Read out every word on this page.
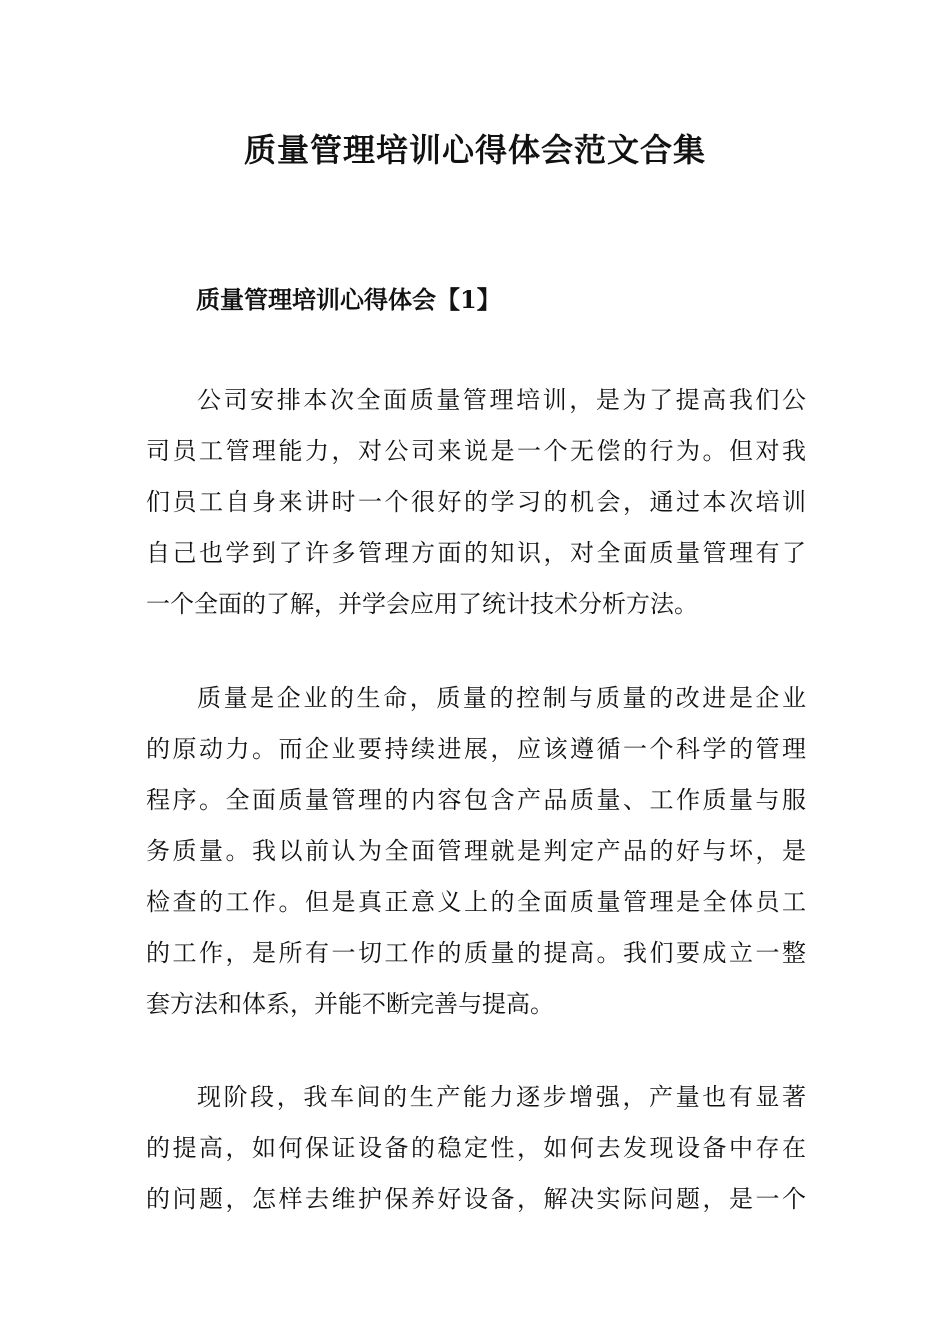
质量管理培训心得体会范文合集
质量管理培训心得体会【1】
公司安排本次全面质量管理培训，是为了提高我们公
司员工管理能力，对公司来说是一个无偿的行为。但对我
们员工自身来讲时一个很好的学习的机会，通过本次培训
自己也学到了许多管理方面的知识，对全面质量管理有了
一个全面的了解，并学会应用了统计技术分析方法。
质量是企业的生命，质量的控制与质量的改进是企业
的原动力。而企业要持续进展，应该遵循一个科学的管理
程序。全面质量管理的内容包含产品质量、工作质量与服
务质量。我以前认为全面管理就是判定产品的好与坏，是
检查的工作。但是真正意义上的全面质量管理是全体员工
的工作，是所有一切工作的质量的提高。我们要成立一整
套方法和体系，并能不断完善与提高。
现阶段，我车间的生产能力逐步增强，产量也有显著
的提高，如何保证设备的稳定性，如何去发现设备中存在
的问题，怎样去维护保养好设备，解决实际问题，是一个
